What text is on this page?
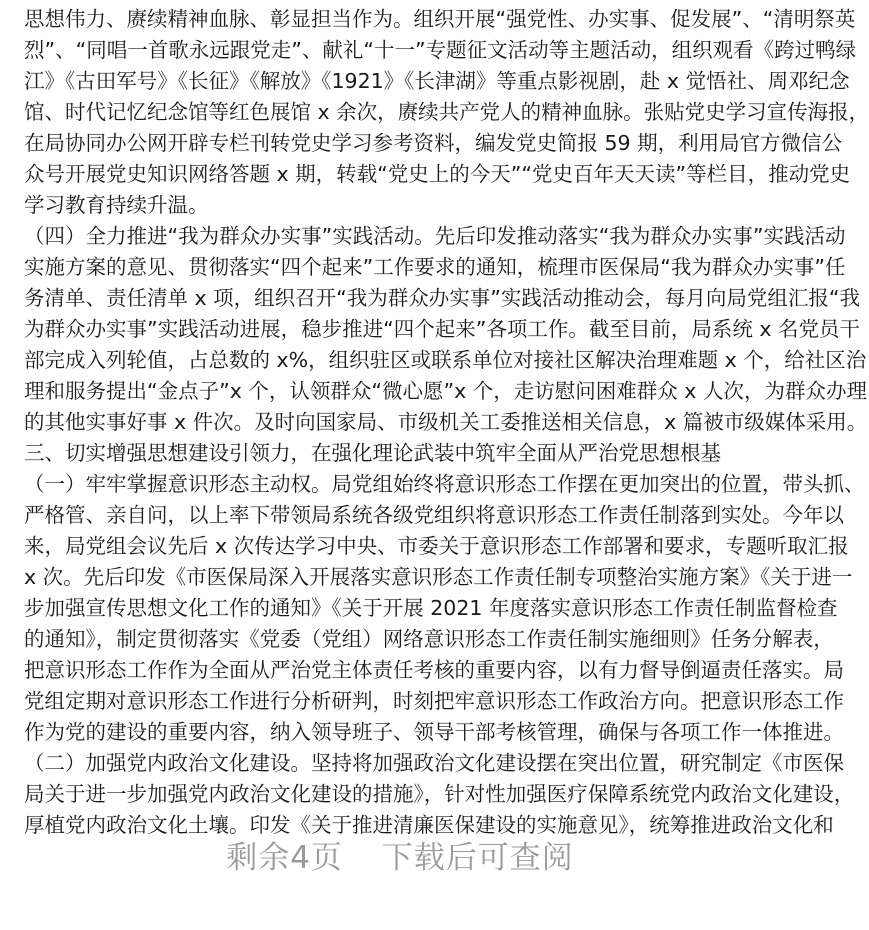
思想伟力、赓续精神血脉、彰显担当作为。组织开展“强党性、办实事、促发展”、“清明祭英
烈”、“同唱一首歌永远跟党走”、献礼“十一”专题征文活动等主题活动，组织观看《跨过鸭绿
江》《古田军号》《长征》《解放》《1921》《长津湖》等重点影视剧，赴 x 觉悟社、周邓纪念
馆、时代记忆纪念馆等红色展馆 x 余次，赓续共产党人的精神血脉。张贴党史学习宣传海报，
在局协同办公网开辟专栏刊转党史学习参考资料，编发党史简报 59 期，利用局官方微信公
众号开展党史知识网络答题 x 期，转载“党史上的今天”“党史百年天天读”等栏目，推动党史
学习教育持续升温。
（四）全力推进“我为群众办实事”实践活动。先后印发推动落实“我为群众办实事”实践活动
实施方案的意见、贯彻落实“四个起来”工作要求的通知，梳理市医保局“我为群众办实事”任
务清单、责任清单 x 项，组织召开“我为群众办实事”实践活动推动会，每月向局党组汇报“我
为群众办实事”实践活动进展，稳步推进“四个起来”各项工作。截至目前，局系统 x 名党员干
部完成入列轮值，占总数的 x%，组织驻区或联系单位对接社区解决治理难题 x 个，给社区治
理和服务提出“金点子”x 个，认领群众“微心愿”x 个，走访慰问困难群众 x 人次，为群众办理
的其他实事好事 x 件次。及时向国家局、市级机关工委推送相关信息，x 篇被市级媒体采用。
三、切实增强思想建设引领力，在强化理论武装中筑牢全面从严治党思想根基
（一）牢牢掌握意识形态主动权。局党组始终将意识形态工作摆在更加突出的位置，带头抓、
严格管、亲自问，以上率下带领局系统各级党组织将意识形态工作责任制落到实处。今年以
来，局党组会议先后 x 次传达学习中央、市委关于意识形态工作部署和要求，专题听取汇报
x 次。先后印发《市医保局深入开展落实意识形态工作责任制专项整治实施方案》《关于进一
步加强宣传思想文化工作的通知》《关于开展 2021 年度落实意识形态工作责任制监督检查
的通知》，制定贯彻落实《党委（党组）网络意识形态工作责任制实施细则》任务分解表，
把意识形态工作作为全面从严治党主体责任考核的重要内容，以有力督导倒逼责任落实。局
党组定期对意识形态工作进行分析研判，时刻把牢意识形态工作政治方向。把意识形态工作
作为党的建设的重要内容，纳入领导班子、领导干部考核管理，确保与各项工作一体推进。
（二）加强党内政治文化建设。坚持将加强政治文化建设摆在突出位置，研究制定《市医保
局关于进一步加强党内政治文化建设的措施》，针对性加强医疗保障系统党内政治文化建设，
厚植党内政治文化土壤。印发《关于推进清廉医保建设的实施意见》，统筹推进政治文化和
剩余4页 下载后可查阅
